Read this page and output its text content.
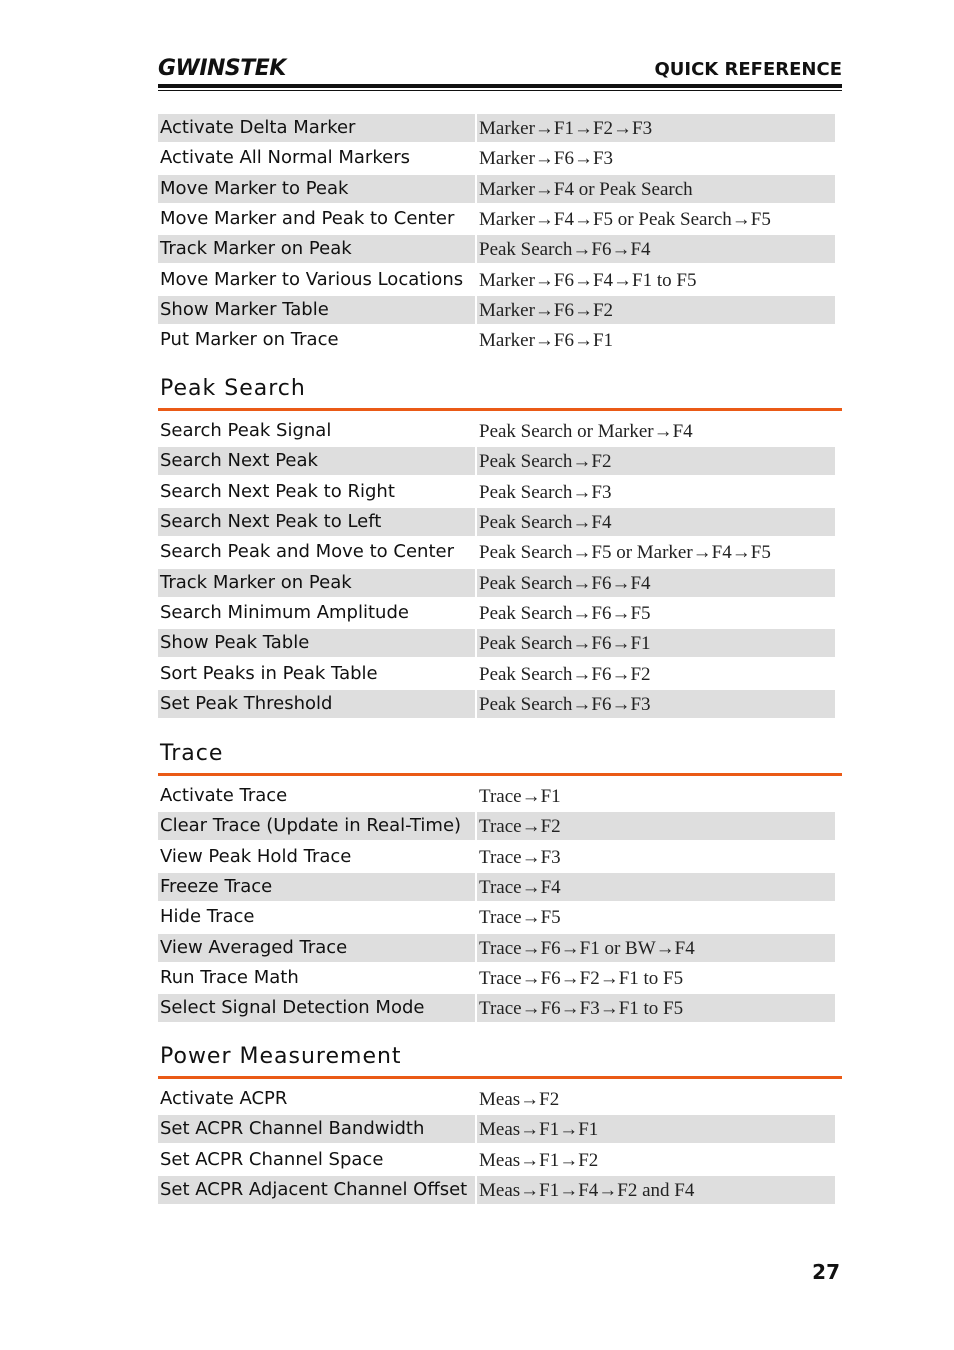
GWINSTEK	QUICK REFERENCE
Activate Delta Marker	Marker→F1→F2→F3
Activate All Normal Markers	Marker→F6→F3
Move Marker to Peak	Marker→F4 or Peak Search
Move Marker and Peak to Center	Marker→F4→F5 or Peak Search→F5
Track Marker on Peak	Peak Search→F6→F4
Move Marker to Various Locations Marker→F6→F4→F1 to F5
Show Marker Table	Marker→F6→F2
Put Marker on Trace	Marker→F6→F1
Peak Search
Search Peak Signal	Peak Search or Marker→F4
Search Next Peak	Peak Search→F2
Search Next Peak to Right	Peak Search→F3
Search Next Peak to Left	Peak Search→F4
Search Peak and Move to Center	Peak Search→F5 or Marker→F4→F5
Track Marker on Peak	Peak Search→F6→F4
Search Minimum Amplitude	Peak Search→F6→F5
Show Peak Table	Peak Search→F6→F1
Sort Peaks in Peak Table	Peak Search→F6→F2
Set Peak Threshold	Peak Search→F6→F3
Trace
Activate Trace	Trace→F1
Clear Trace (Update in Real-Time) Trace→F2
View Peak Hold Trace	Trace→F3
Freeze Trace	Trace→F4
Hide Trace	Trace→F5
View Averaged Trace	Trace→F6→F1 or BW→F4
Run Trace Math	Trace→F6→F2→F1 to F5
Select Signal Detection Mode	Trace→F6→F3→F1 to F5
Power Measurement
Activate ACPR	Meas→F2
Set ACPR Channel Bandwidth	Meas→F1→F1
Set ACPR Channel Space	Meas→F1→F2
Set ACPR Adjacent Channel Offset Meas→F1→F4→F2 and F4
27
